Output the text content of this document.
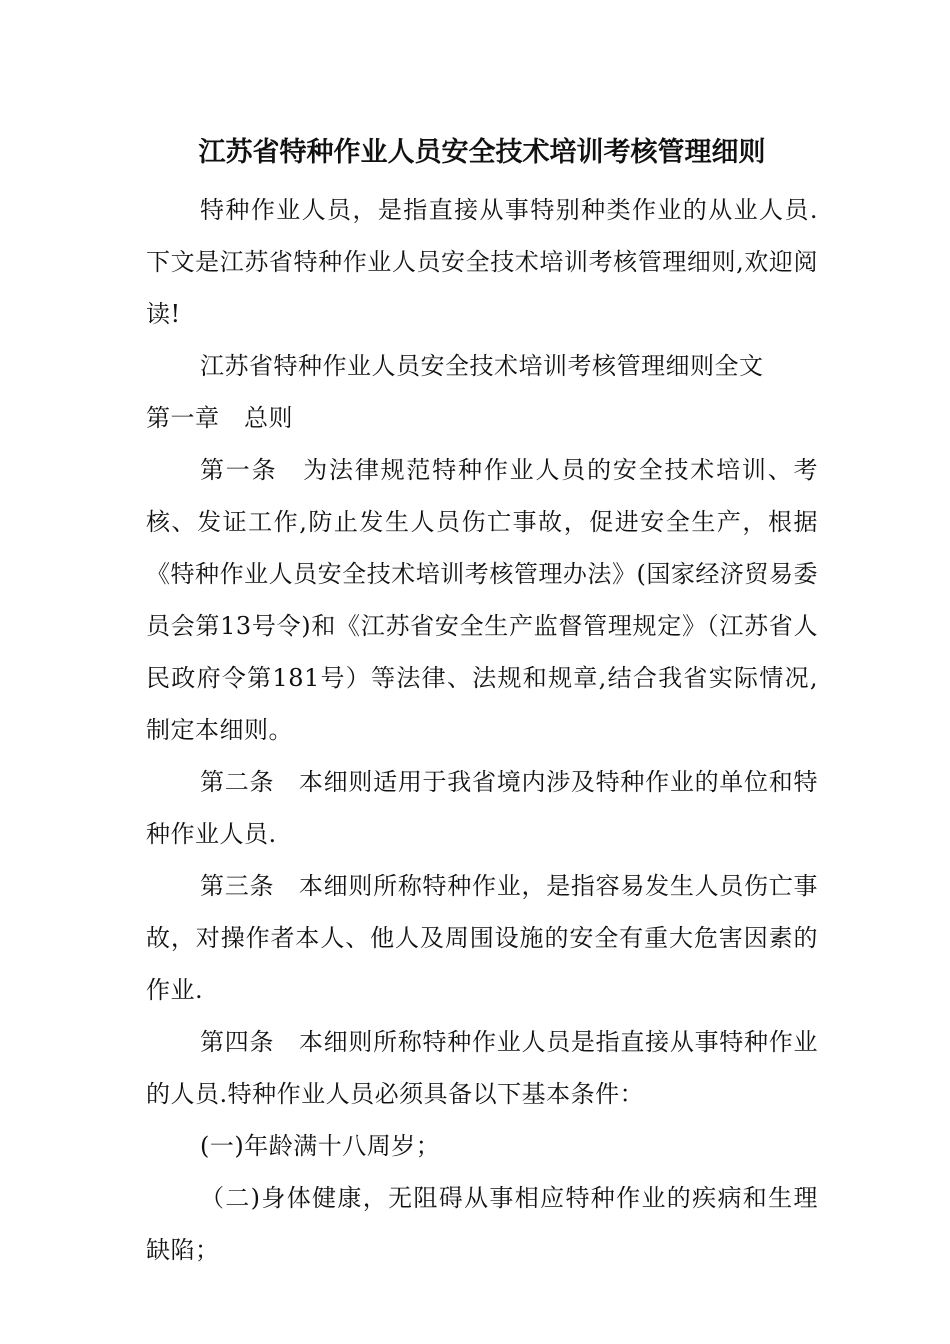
江苏省特种作业人员安全技术培训考核管理细则

特种作业人员，是指直接从事特别种类作业的从业人员.下文是江苏省特种作业人员安全技术培训考核管理细则,欢迎阅读!

江苏省特种作业人员安全技术培训考核管理细则全文

第一章　总则

第一条　为法律规范特种作业人员的安全技术培训、考核、发证工作,防止发生人员伤亡事故，促进安全生产，根据《特种作业人员安全技术培训考核管理办法》(国家经济贸易委员会第13号令)和《江苏省安全生产监督管理规定》（江苏省人民政府令第181号）等法律、法规和规章,结合我省实际情况,制定本细则。

第二条　本细则适用于我省境内涉及特种作业的单位和特种作业人员.

第三条　本细则所称特种作业，是指容易发生人员伤亡事故，对操作者本人、他人及周围设施的安全有重大危害因素的作业.

第四条　本细则所称特种作业人员是指直接从事特种作业的人员.特种作业人员必须具备以下基本条件：

(一)年龄满十八周岁；

（二)身体健康，无阻碍从事相应特种作业的疾病和生理缺陷；
